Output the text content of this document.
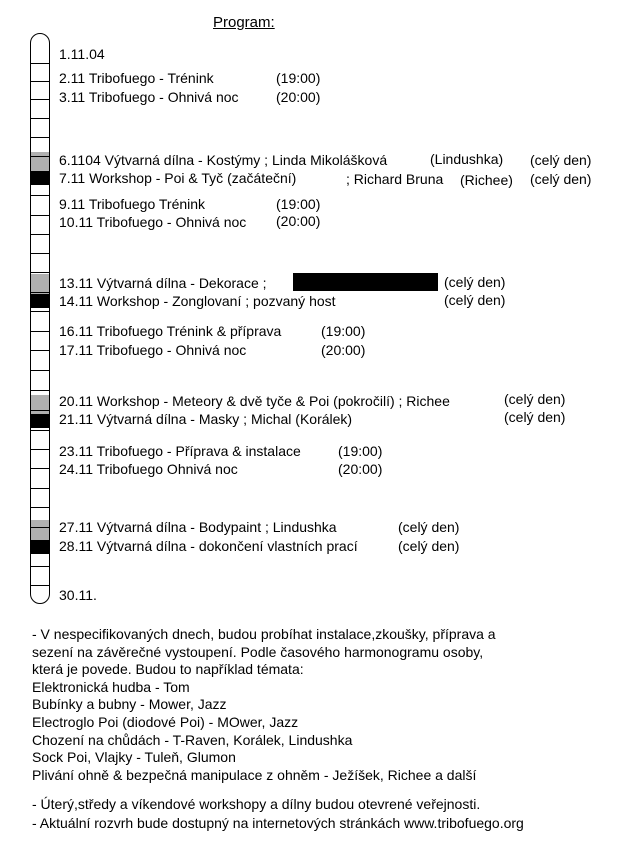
Program:
1.11.04
2.11 Tribofuego - Trénink	(19:00)
3.11 Tribofuego - Ohnivá noc	(20:00)
6.1104 Výtvarná dílna - Kostýmy ; Linda Mikolášková	(Lindushka) (celý den)
7.11 Workshop - Poi & Tyč (začáteční)	; Richard Bruna (Richee) (celý den)
9.11 Tribofuego Trénink	(19:00)
10.11 Tribofuego - Ohnivá noc (20:00)
13.11 Výtvarná dílna - Dekorace ;	(celý den)
14.11 Workshop - Zonglovaní ; pozvaný host	(celý den)
16.11 Tribofuego Trénink & příprava	(19:00)
17.11 Tribofuego - Ohnivá noc	(20:00)
20.11 Workshop - Meteory & dvě tyče & Poi (pokročilí) ; Richee	(celý den)
21.11 Výtvarná dílna - Masky ; Michal (Korálek)	(celý den)
23.11 Tribofuego - Příprava & instalace	(19:00)
24.11 Tribofuego Ohnivá noc	(20:00)
27.11 Výtvarná dílna - Bodypaint ; Lindushka	(celý den)
28.11 Výtvarná dílna - dokončení vlastních prací	(celý den)
30.11.
- V nespecifikovaných dnech, budou probíhat instalace,zkoušky, příprava a
sezení na závěrečné vystoupení. Podle časového harmonogramu osoby,
která je povede. Budou to například témata:
Elektronická hudba - Tom
Bubínky a bubny - Mower, Jazz
Electroglo Poi (diodové Poi) - MOwer, Jazz
Chození na chůdách - T-Raven, Korálek, Lindushka
Sock Poi, Vlajky - Tuleň, Glumon
Plivání ohně & bezpečná manipulace z ohněm - Ježíšek, Richee a další
- Úterý,středy a víkendové workshopy a dílny budou otevrené veřejnosti.
- Aktuální rozvrh bude dostupný na internetových stránkách www.tribofuego.org
